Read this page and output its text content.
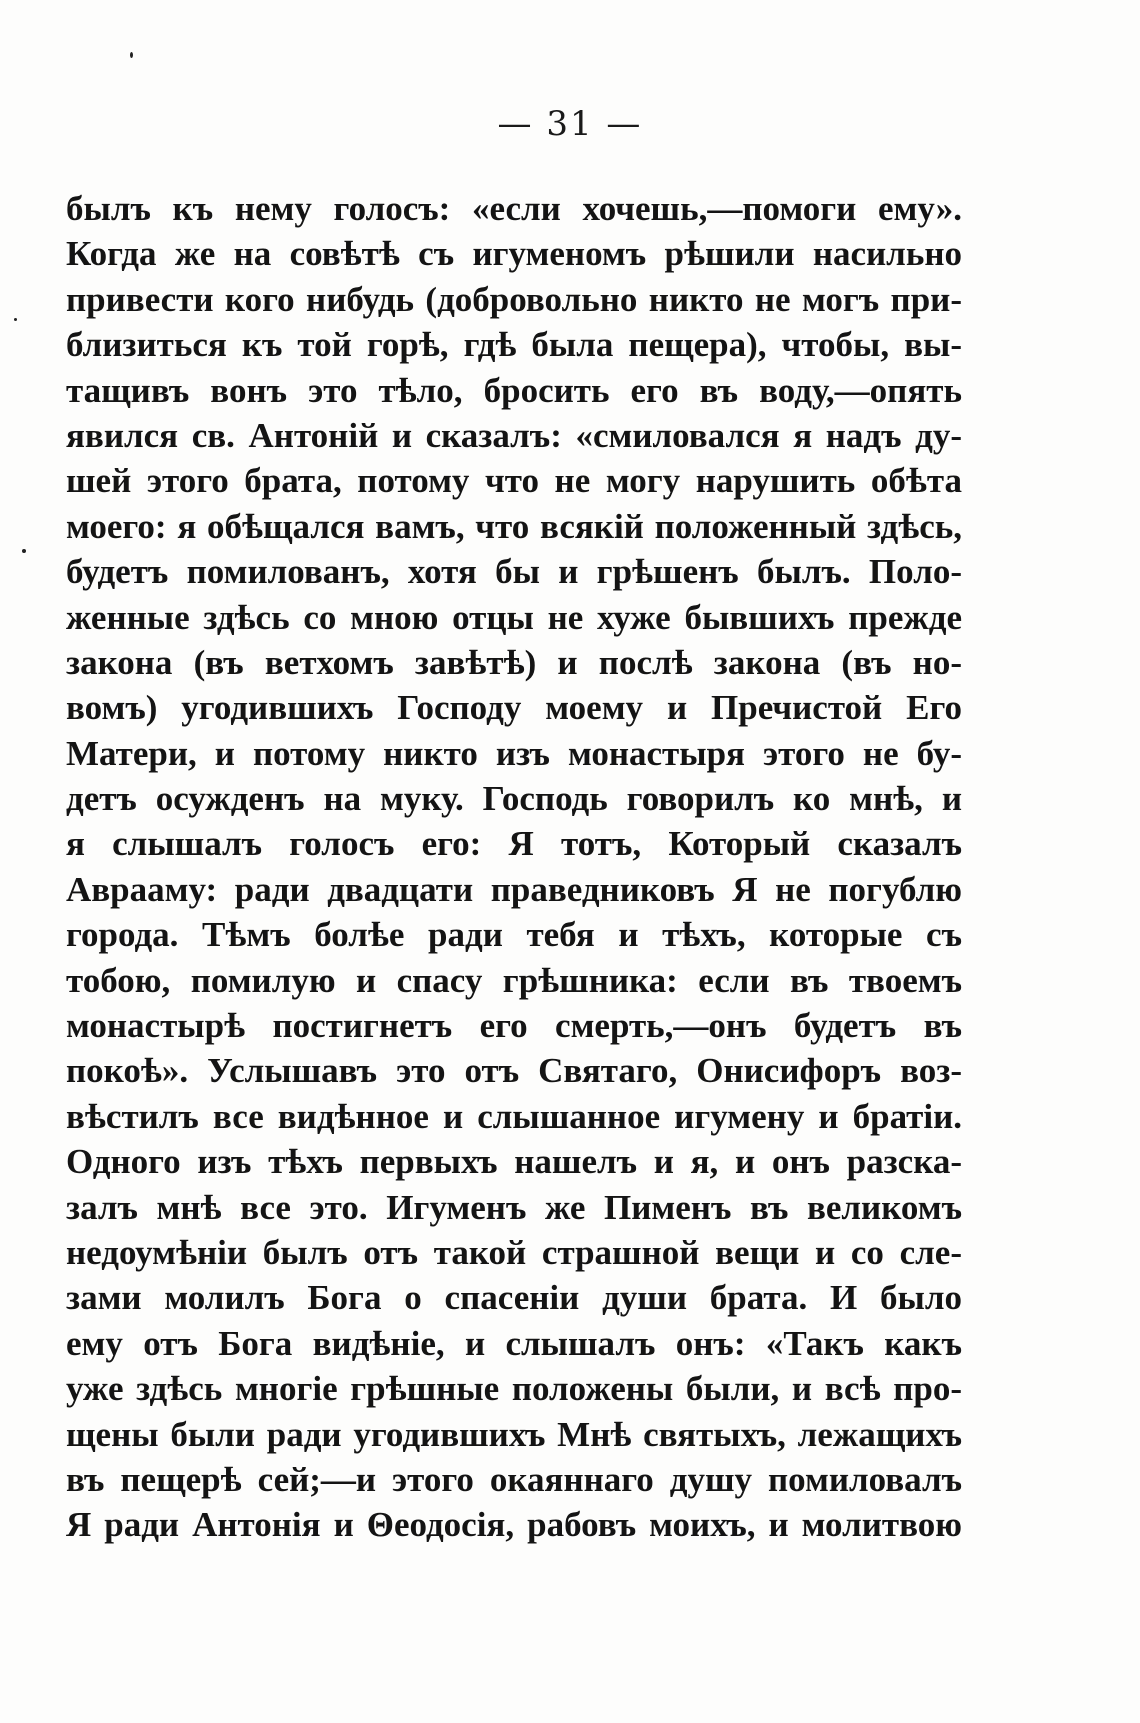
— 31 —
былъ къ нему голосъ: «если хочешь,—помоги ему».
Когда же на совѣтѣ съ игуменомъ рѣшили насильно
привести кого нибудь (добровольно никто не могъ при-
близиться къ той горѣ, гдѣ была пещера), чтобы, вы-
тащивъ вонъ это тѣло, бросить его въ воду,—опять
явился св. Антоній и сказалъ: «смиловался я надъ ду-
шей этого брата, потому что не могу нарушить обѣта
моего: я обѣщался вамъ, что всякій положенный здѣсь,
будетъ помилованъ, хотя бы и грѣшенъ былъ. Поло-
женные здѣсь со мною отцы не хуже бывшихъ прежде
закона (въ ветхомъ завѣтѣ) и послѣ закона (въ но-
вомъ) угодившихъ Господу моему и Пречистой Его
Матери, и потому никто изъ монастыря этого не бу-
детъ осужденъ на муку. Господь говорилъ ко мнѣ, и
я слышалъ голосъ его: Я тотъ, Который сказалъ
Аврааму: ради двадцати праведниковъ Я не погублю
города. Тѣмъ болѣе ради тебя и тѣхъ, которые съ
тобою, помилую и спасу грѣшника: если въ твоемъ
монастырѣ постигнетъ его смерть,—онъ будетъ въ
покоѣ». Услышавъ это отъ Святаго, Онисифоръ воз-
вѣстилъ все видѣнное и слышанное игумену и братіи.
Одного изъ тѣхъ первыхъ нашелъ и я, и онъ разска-
залъ мнѣ все это. Игуменъ же Пименъ въ великомъ
недоумѣніи былъ отъ такой страшной вещи и со сле-
зами молилъ Бога о спасеніи души брата. И было
ему отъ Бога видѣніе, и слышалъ онъ: «Такъ какъ
уже здѣсь многіе грѣшные положены были, и всѣ про-
щены были ради угодившихъ Мнѣ святыхъ, лежащихъ
въ пещерѣ сей;—и этого окаяннаго душу помиловалъ
Я ради Антонія и Θеодосія, рабовъ моихъ, и молитвою
